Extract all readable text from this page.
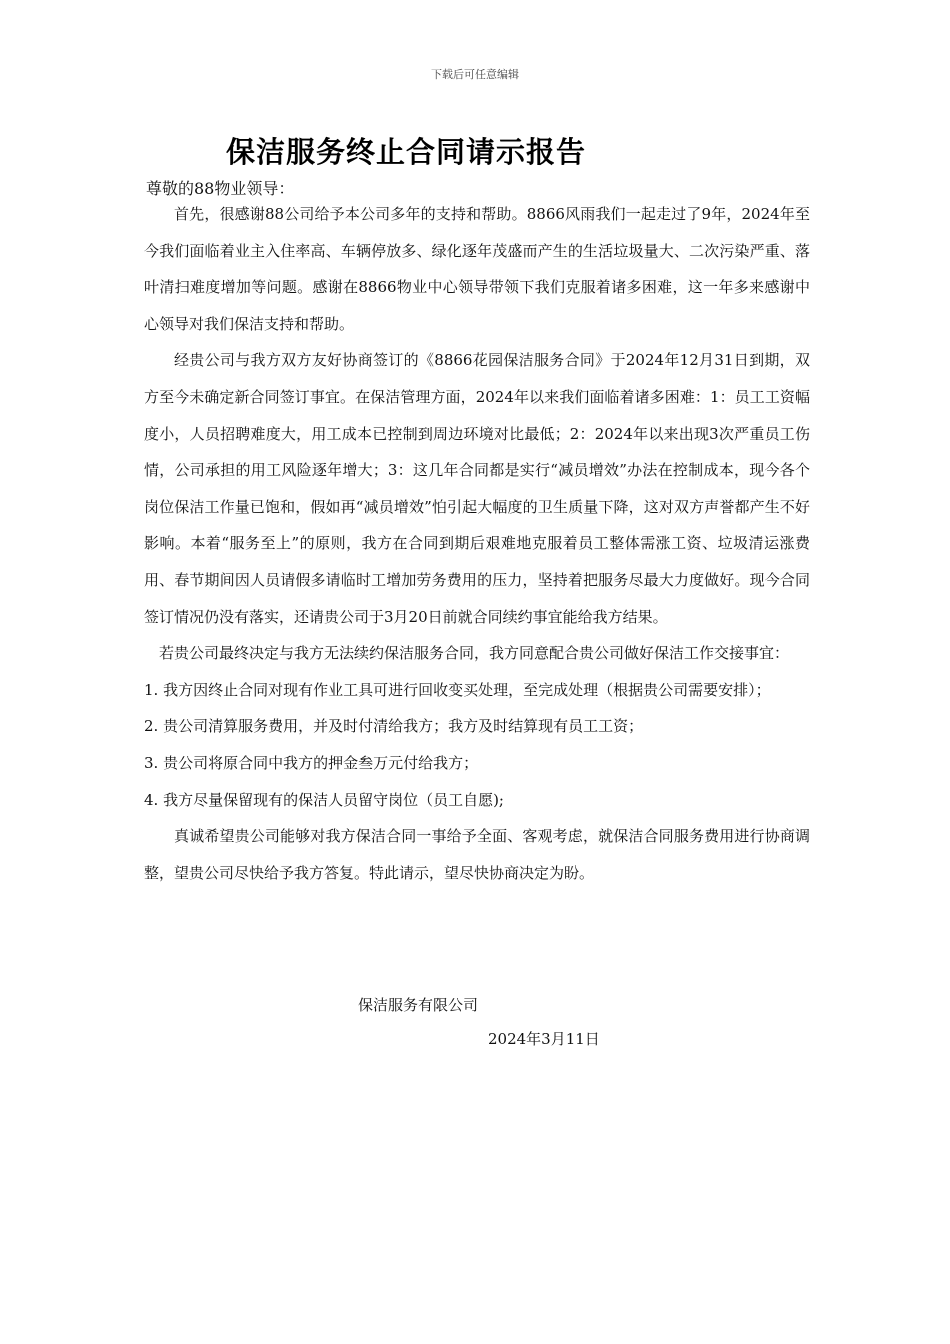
下载后可任意编辑
保洁服务终止合同请示报告
尊敬的88物业领导：

首先，很感谢88公司给予本公司多年的支持和帮助。8866风雨我们一起走过了9年，2024年至今我们面临着业主入住率高、车辆停放多、绿化逐年茂盛而产生的生活垃圾量大、二次污染严重、落叶清扫难度增加等问题。感谢在8866物业中心领导带领下我们克服着诸多困难，这一年多来感谢中心领导对我们保洁支持和帮助。

经贵公司与我方双方友好协商签订的《8866花园保洁服务合同》于2024年12月31日到期，双方至今未确定新合同签订事宜。在保洁管理方面，2024年以来我们面临着诸多困难：1：员工工资幅度小，人员招聘难度大，用工成本已控制到周边环境对比最低；2：2024年以来出现3次严重员工伤情，公司承担的用工风险逐年增大；3：这几年合同都是实行“减员增效”办法在控制成本，现今各个岗位保洁工作量已饱和，假如再“减员增效”怕引起大幅度的卫生质量下降，这对双方声誉都产生不好影响。本着“服务至上”的原则，我方在合同到期后艰难地克服着员工整体需涨工资、垃圾清运涨费用、春节期间因人员请假多请临时工增加劳务费用的压力，坚持着把服务尽最大力度做好。现今合同签订情况仍没有落实，还请贵公司于3月20日前就合同续约事宜能给我方结果。

若贵公司最终决定与我方无法续约保洁服务合同，我方同意配合贵公司做好保洁工作交接事宜：

1. 我方因终止合同对现有作业工具可进行回收变买处理，至完成处理（根据贵公司需要安排）；

2. 贵公司清算服务费用，并及时付清给我方；我方及时结算现有员工工资；

3. 贵公司将原合同中我方的押金叁万元付给我方；

4. 我方尽量保留现有的保洁人员留守岗位（员工自愿);

真诚希望贵公司能够对我方保洁合同一事给予全面、客观考虑，就保洁合同服务费用进行协商调整，望贵公司尽快给予我方答复。特此请示，望尽快协商决定为盼。

保洁服务有限公司
2024年3月11日
